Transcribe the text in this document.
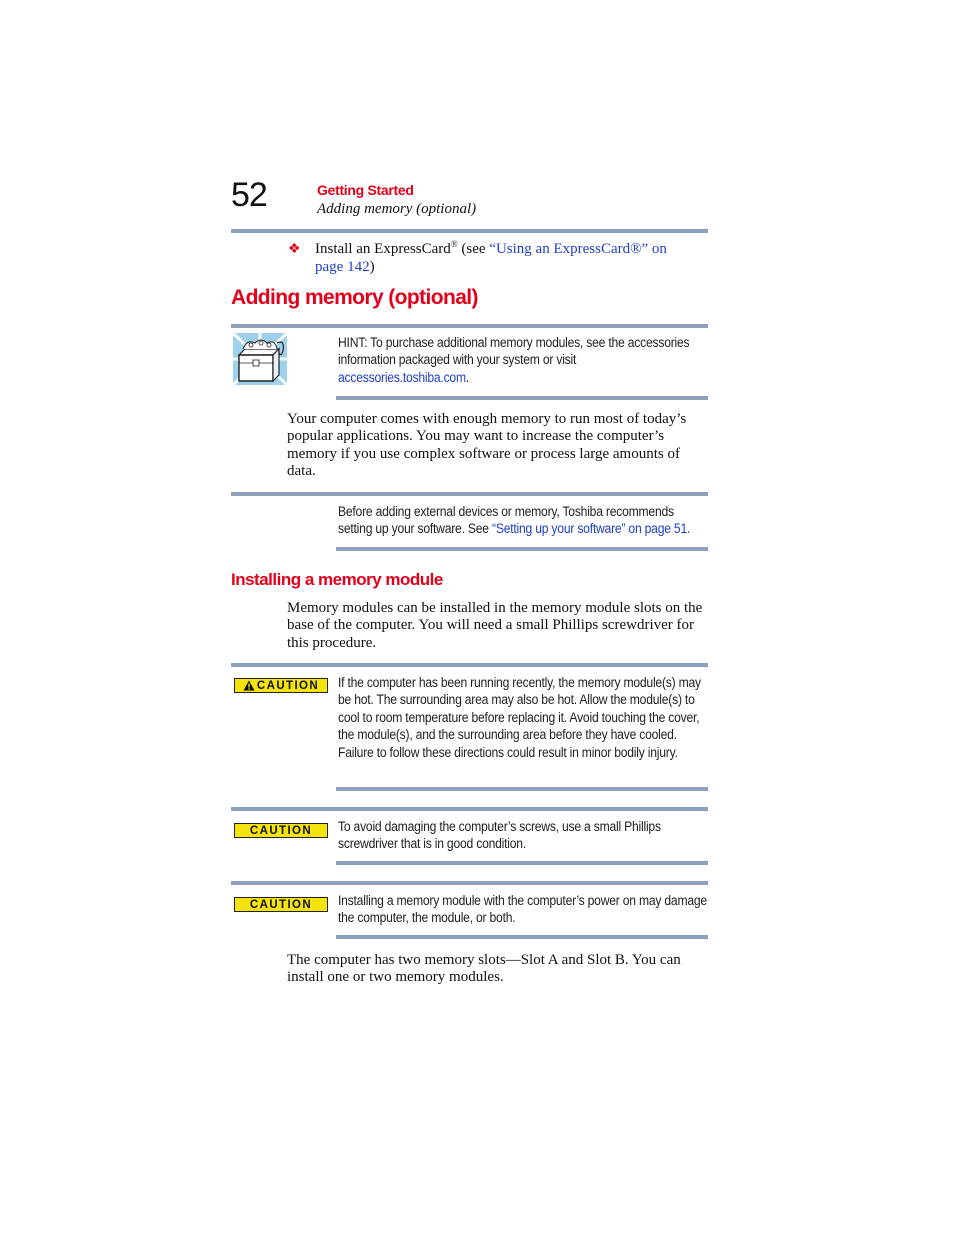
52	Getting Started
Adding memory (optional)
❖ Install an ExpressCard® (see “Using an ExpressCard®” on page 142)
Adding memory (optional)
HINT: To purchase additional memory modules, see the accessories information packaged with your system or visit
accessories.toshiba.com.
Your computer comes with enough memory to run most of today’s popular applications. You may want to increase the computer’s memory if you use complex software or process large amounts of data.
Before adding external devices or memory, Toshiba recommends setting up your software. See “Setting up your software” on page 51.
Installing a memory module
Memory modules can be installed in the memory module slots on the base of the computer. You will need a small Phillips screwdriver for this procedure.
CAUTION If the computer has been running recently, the memory module(s) may be hot. The surrounding area may also be hot. Allow the module(s) to cool to room temperature before replacing it. Avoid touching the cover, the module(s), and the surrounding area before they have cooled. Failure to follow these directions could result in minor bodily injury.
CAUTION To avoid damaging the computer’s screws, use a small Phillips screwdriver that is in good condition.
CAUTION Installing a memory module with the computer’s power on may damage the computer, the module, or both.
The computer has two memory slots—Slot A and Slot B. You can install one or two memory modules.
